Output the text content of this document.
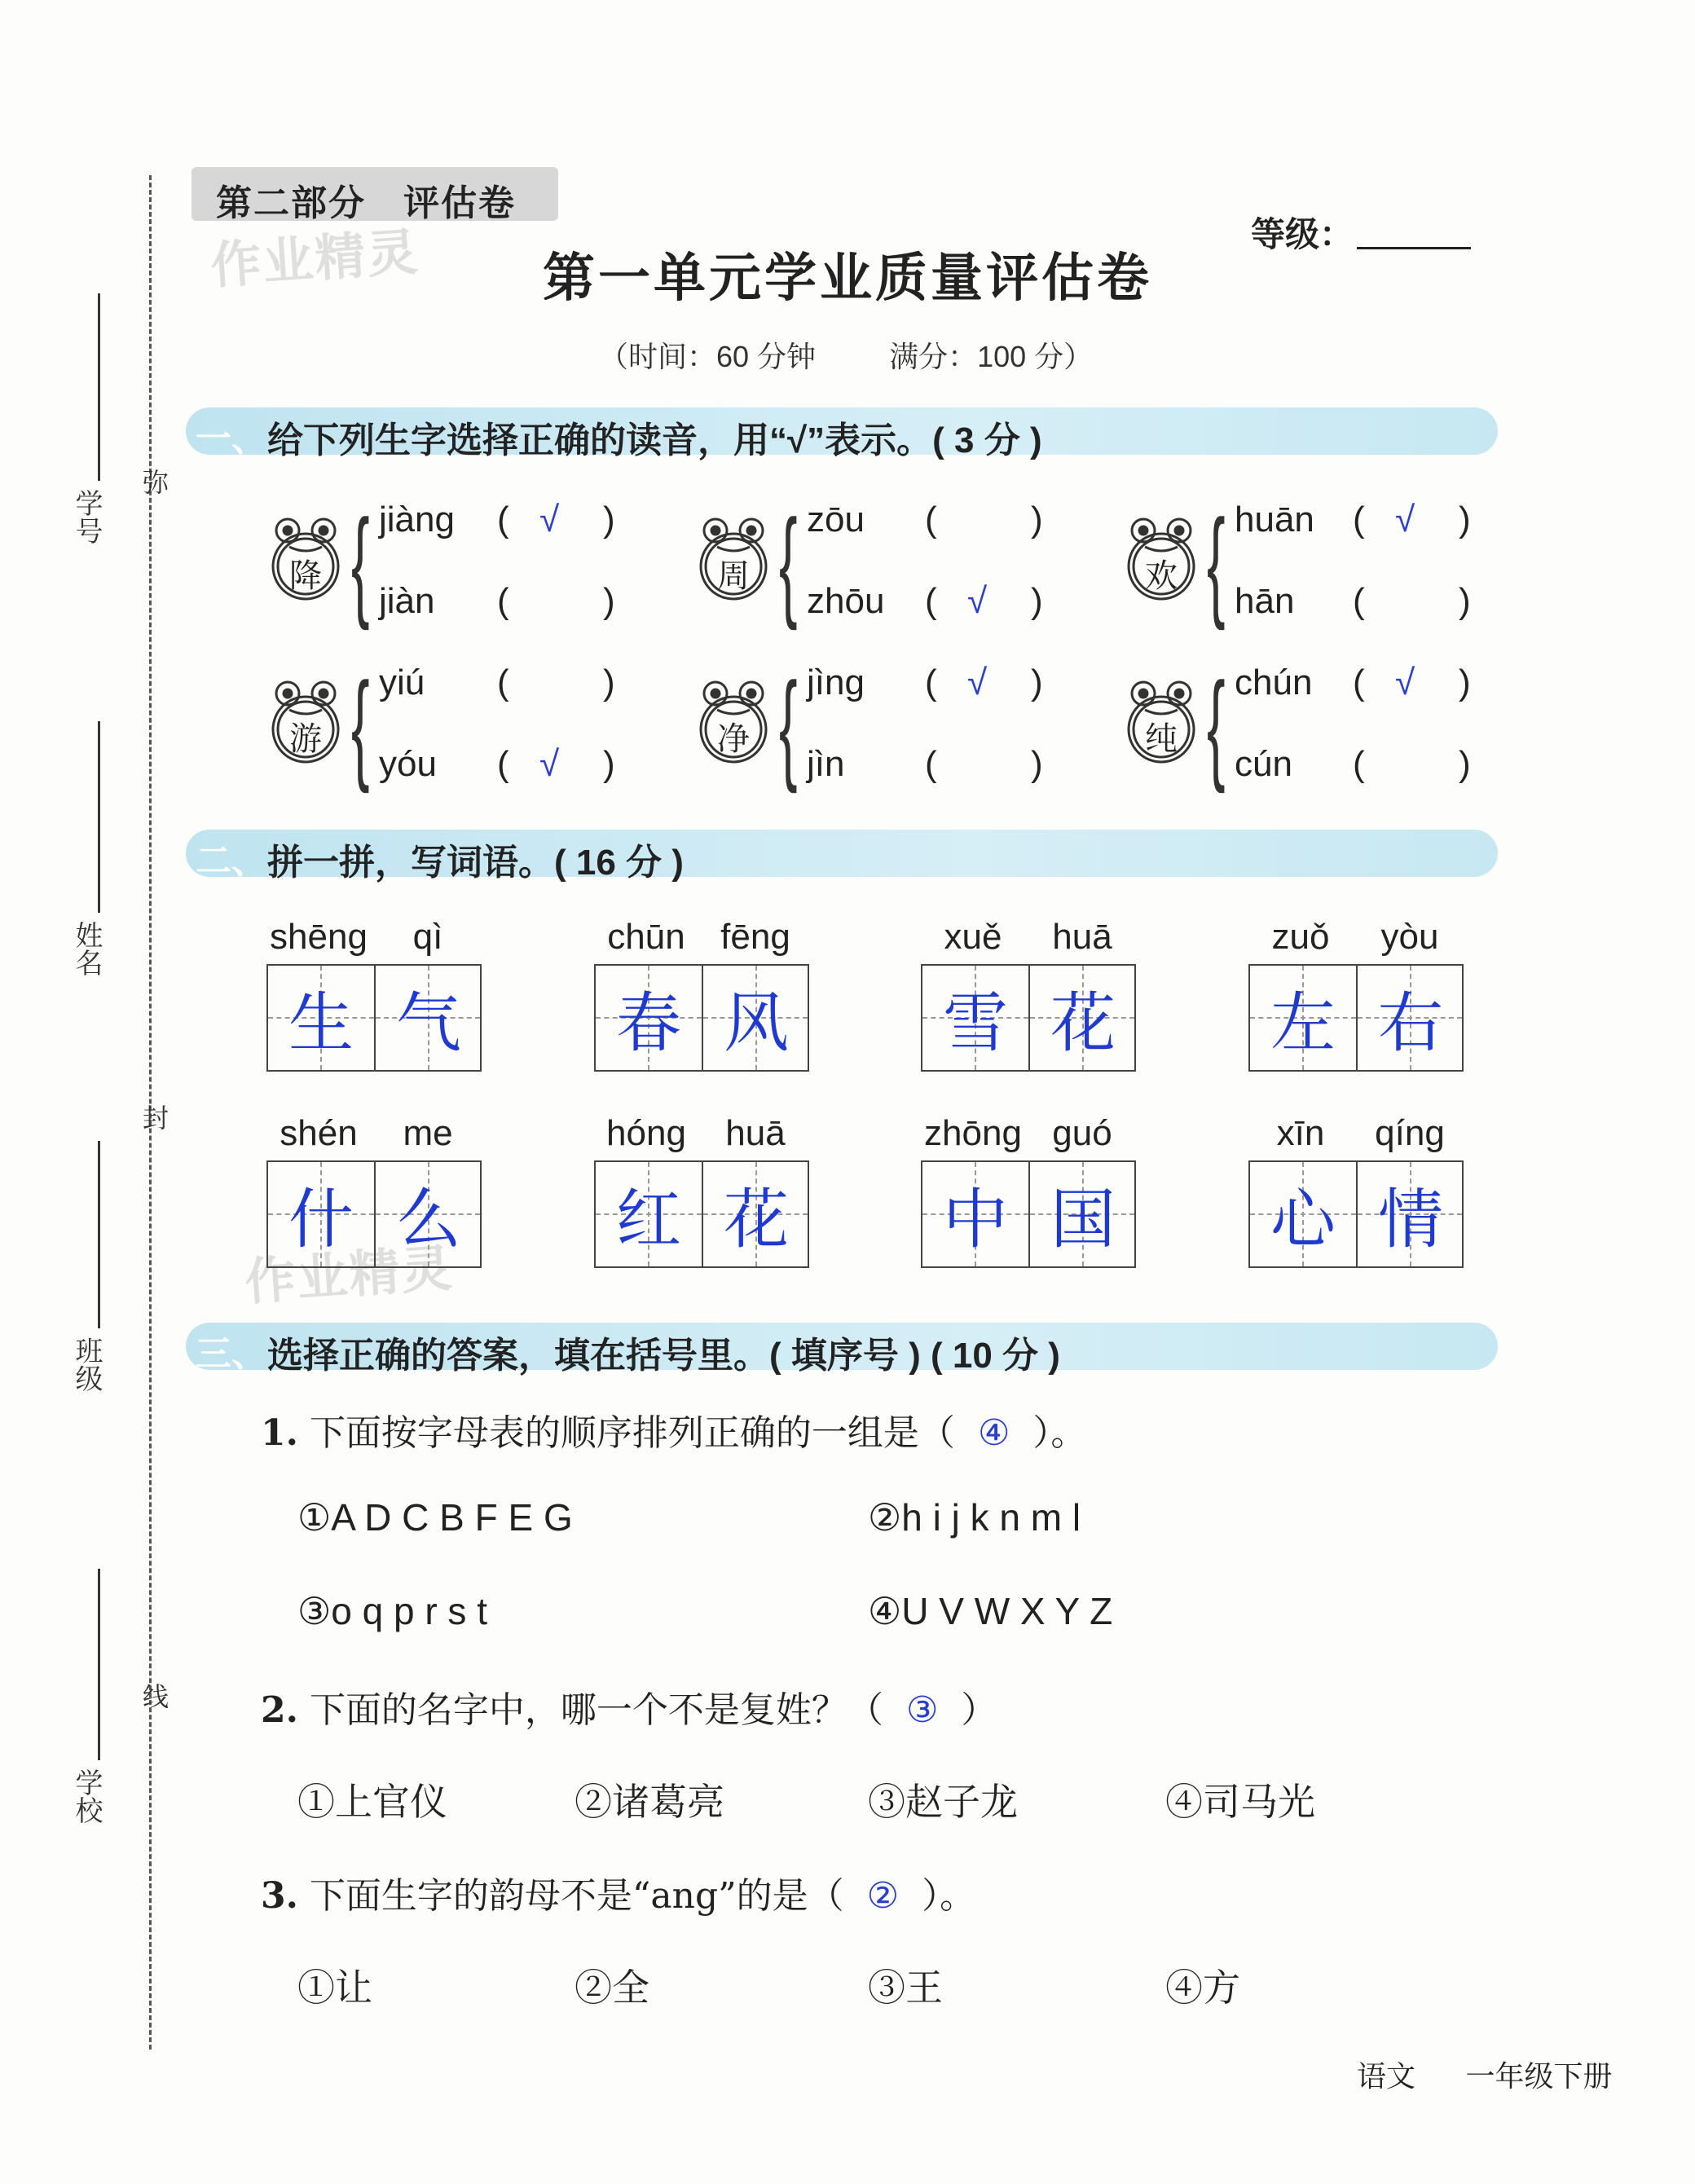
学号
姓名
班级
学校
弥
封
线
第二部分　评估卷
作业精灵
作业精灵
等级：
第一单元学业质量评估卷
（时间：60 分钟	满分：100 分）
一、 给下列生字选择正确的读音，用“√”表示。( 3 分 )
降 { jiàng ( √ )
jiàn (	)
周 { zōu (	)
zhōu ( √ )
欢 { huān ( √ )
hān (	)
游 { yiú (	)
yóu ( √ )
净 { jìng ( √ )
jìn (	)
纯 { chún ( √ )
cún (	)
二、 拼一拼，写词语。( 16 分 )
shēng	qì
生 气
chūn fēng
春 风
xuě	huā
雪 花
zuǒ	yòu
左 右
shén	me
什 么
hóng	huā
红 花
zhōng guó
中 国
xīn	qíng
心 情
三、 选择正确的答案，填在括号里。( 填序号 ) ( 10 分 )
1. 下面按字母表的顺序排列正确的一组是（ ④ ）。
①A D C B F E G	②h i j k n m l
③o q p r s t	④U V W X Y Z
2. 下面的名字中，哪一个不是复姓？（ ③ ）
①上官仪	②诸葛亮	③赵子龙	④司马光
3. 下面生字的韵母不是“ang”的是（ ② ）。
①让	②全	③王	④方
语文 一年级下册
